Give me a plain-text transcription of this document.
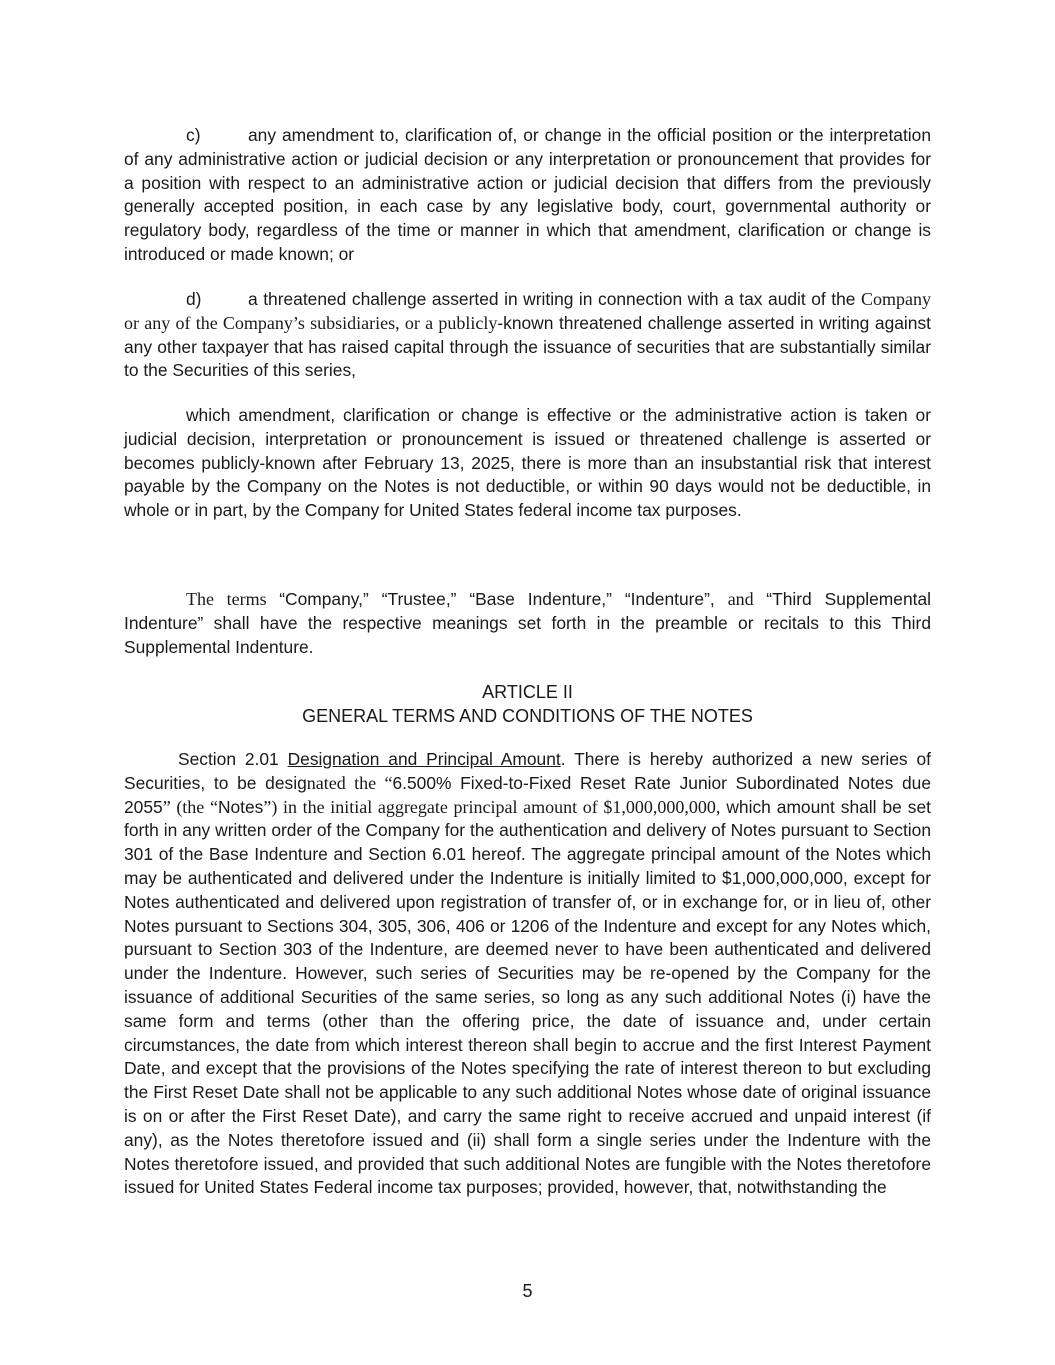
c)	any amendment to, clarification of, or change in the official position or the interpretation of any administrative action or judicial decision or any interpretation or pronouncement that provides for a position with respect to an administrative action or judicial decision that differs from the previously generally accepted position, in each case by any legislative body, court, governmental authority or regulatory body, regardless of the time or manner in which that amendment, clarification or change is introduced or made known; or

d)	a threatened challenge asserted in writing in connection with a tax audit of the Company or any of the Company’s subsidiaries, or a publicly-known threatened challenge asserted in writing against any other taxpayer that has raised capital through the issuance of securities that are substantially similar to the Securities of this series,

which amendment, clarification or change is effective or the administrative action is taken or judicial decision, interpretation or pronouncement is issued or threatened challenge is asserted or becomes publicly-known after February 13, 2025, there is more than an insubstantial risk that interest payable by the Company on the Notes is not deductible, or within 90 days would not be deductible, in whole or in part, by the Company for United States federal income tax purposes.

The terms “Company,” “Trustee,” “Base Indenture,” “Indenture”, and “Third Supplemental Indenture” shall have the respective meanings set forth in the preamble or recitals to this Third Supplemental Indenture.

ARTICLE II

GENERAL TERMS AND CONDITIONS OF THE NOTES

Section 2.01 Designation and Principal Amount. There is hereby authorized a new series of Securities, to be designated the “6.500% Fixed-to-Fixed Reset Rate Junior Subordinated Notes due 2055” (the “Notes”) in the initial aggregate principal amount of $1,000,000,000, which amount shall be set forth in any written order of the Company for the authentication and delivery of Notes pursuant to Section 301 of the Base Indenture and Section 6.01 hereof. The aggregate principal amount of the Notes which may be authenticated and delivered under the Indenture is initially limited to $1,000,000,000, except for Notes authenticated and delivered upon registration of transfer of, or in exchange for, or in lieu of, other Notes pursuant to Sections 304, 305, 306, 406 or 1206 of the Indenture and except for any Notes which, pursuant to Section 303 of the Indenture, are deemed never to have been authenticated and delivered under the Indenture. However, such series of Securities may be re-opened by the Company for the issuance of additional Securities of the same series, so long as any such additional Notes (i) have the same form and terms (other than the offering price, the date of issuance and, under certain circumstances, the date from which interest thereon shall begin to accrue and the first Interest Payment Date, and except that the provisions of the Notes specifying the rate of interest thereon to but excluding the First Reset Date shall not be applicable to any such additional Notes whose date of original issuance is on or after the First Reset Date), and carry the same right to receive accrued and unpaid interest (if any), as the Notes theretofore issued and (ii) shall form a single series under the Indenture with the Notes theretofore issued, and provided that such additional Notes are fungible with the Notes theretofore issued for United States Federal income tax purposes; provided, however, that, notwithstanding the

5
